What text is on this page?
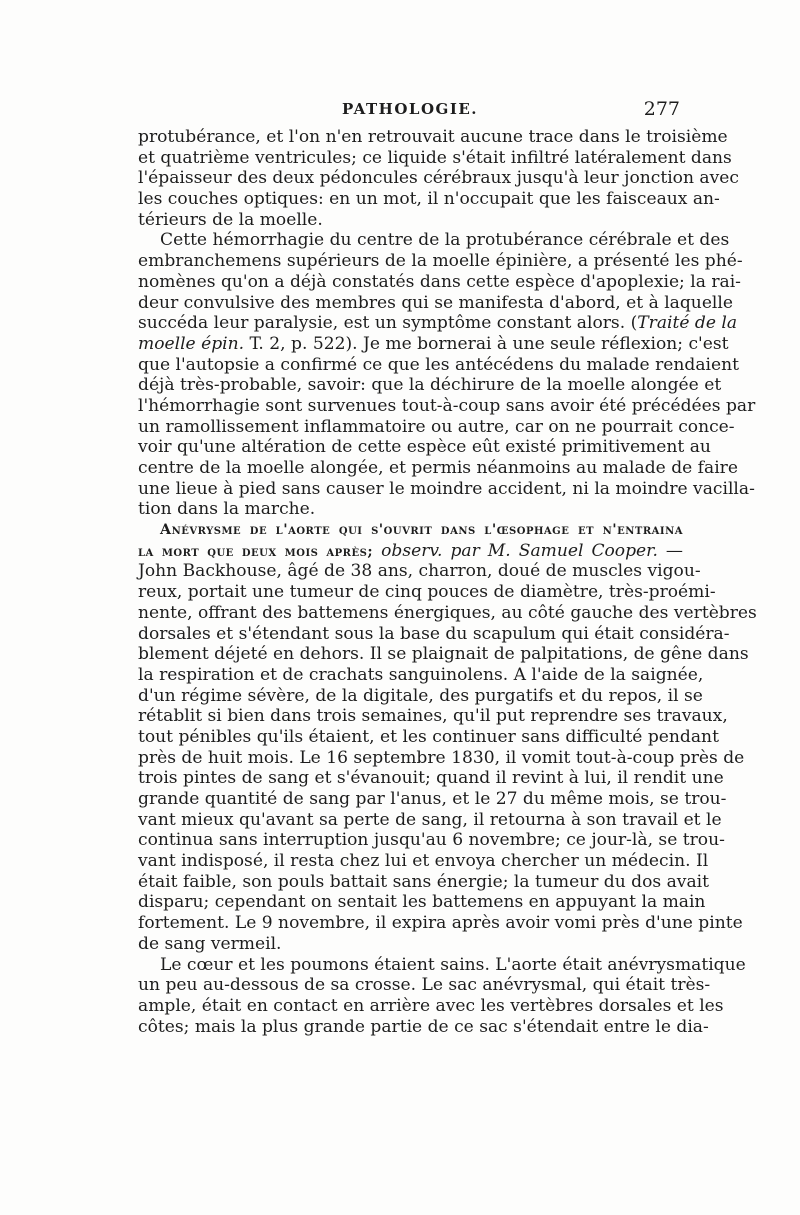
PATHOLOGIE.	277
protubérance, et l'on n'en retrouvait aucune trace dans le troisième
et quatrième ventricules; ce liquide s'était infiltré latéralement dans
l'épaisseur des deux pédoncules cérébraux jusqu'à leur jonction avec
les couches optiques: en un mot, il n'occupait que les faisceaux an-
térieurs de la moelle.
Cette hémorrhagie du centre de la protubérance cérébrale et des
embranchemens supérieurs de la moelle épinière, a présenté les phé-
nomènes qu'on a déjà constatés dans cette espèce d'apoplexie; la rai-
deur convulsive des membres qui se manifesta d'abord, et à laquelle
succéda leur paralysie, est un symptôme constant alors. (Traité de la
moelle épin. T. 2, p. 522). Je me bornerai à une seule réflexion; c'est
que l'autopsie a confirmé ce que les antécédens du malade rendaient
déjà très-probable, savoir: que la déchirure de la moelle alongée et
l'hémorrhagie sont survenues tout-à-coup sans avoir été précédées par
un ramollissement inflammatoire ou autre, car on ne pourrait conce-
voir qu'une altération de cette espèce eût existé primitivement au
centre de la moelle alongée, et permis néanmoins au malade de faire
une lieue à pied sans causer le moindre accident, ni la moindre vacilla-
tion dans la marche.
Anévrysme de l'aorte qui s'ouvrit dans l'œsophage et n'entraina
la mort que deux mois après; observ. par M. Samuel Cooper. —
John Backhouse, âgé de 38 ans, charron, doué de muscles vigou-
reux, portait une tumeur de cinq pouces de diamètre, très-proémi-
nente, offrant des battemens énergiques, au côté gauche des vertèbres
dorsales et s'étendant sous la base du scapulum qui était considéra-
blement déjeté en dehors. Il se plaignait de palpitations, de gêne dans
la respiration et de crachats sanguinolens. A l'aide de la saignée,
d'un régime sévère, de la digitale, des purgatifs et du repos, il se
rétablit si bien dans trois semaines, qu'il put reprendre ses travaux,
tout pénibles qu'ils étaient, et les continuer sans difficulté pendant
près de huit mois. Le 16 septembre 1830, il vomit tout-à-coup près de
trois pintes de sang et s'évanouit; quand il revint à lui, il rendit une
grande quantité de sang par l'anus, et le 27 du même mois, se trou-
vant mieux qu'avant sa perte de sang, il retourna à son travail et le
continua sans interruption jusqu'au 6 novembre; ce jour-là, se trou-
vant indisposé, il resta chez lui et envoya chercher un médecin. Il
était faible, son pouls battait sans énergie; la tumeur du dos avait
disparu; cependant on sentait les battemens en appuyant la main
fortement. Le 9 novembre, il expira après avoir vomi près d'une pinte
de sang vermeil.
Le cœur et les poumons étaient sains. L'aorte était anévrysmatique
un peu au-dessous de sa crosse. Le sac anévrysmal, qui était très-
ample, était en contact en arrière avec les vertèbres dorsales et les
côtes; mais la plus grande partie de ce sac s'étendait entre le dia-
